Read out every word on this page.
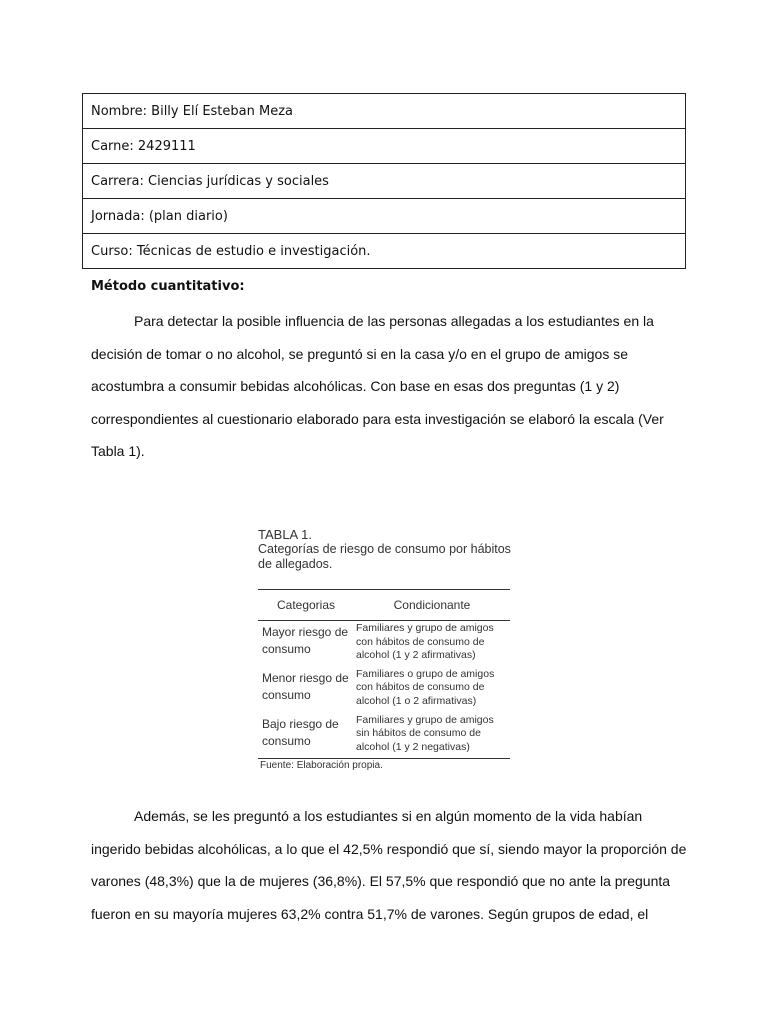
Nombre: Billy Elí Esteban Meza
Carne: 2429111
Carrera: Ciencias jurídicas y sociales
Jornada: (plan diario)
Curso: Técnicas de estudio e investigación.
Método cuantitativo:

Para detectar la posible influencia de las personas allegadas a los estudiantes en la
decisión de tomar o no alcohol, se preguntó si en la casa y/o en el grupo de amigos se
acostumbra a consumir bebidas alcohólicas. Con base en esas dos preguntas (1 y 2)
correspondientes al cuestionario elaborado para esta investigación se elaboró la escala (Ver
Tabla 1).

TABLA 1.
Categorías de riesgo de consumo por hábitos de allegados.
Categorias	Condicionante
Mayor riesgo de consumo	Familiares y grupo de amigos con hábitos de consumo de alcohol (1 y 2 afirmativas)
Menor riesgo de consumo	Familiares o grupo de amigos con hábitos de consumo de alcohol (1 o 2 afirmativas)
Bajo riesgo de consumo	Familiares y grupo de amigos sin hábitos de consumo de alcohol (1 y 2 negativas)
Fuente: Elaboración propia.

Además, se les preguntó a los estudiantes si en algún momento de la vida habían
ingerido bebidas alcohólicas, a lo que el 42,5% respondió que sí, siendo mayor la proporción de
varones (48,3%) que la de mujeres (36,8%). El 57,5% que respondió que no ante la pregunta
fueron en su mayoría mujeres 63,2% contra 51,7% de varones. Según grupos de edad, el
